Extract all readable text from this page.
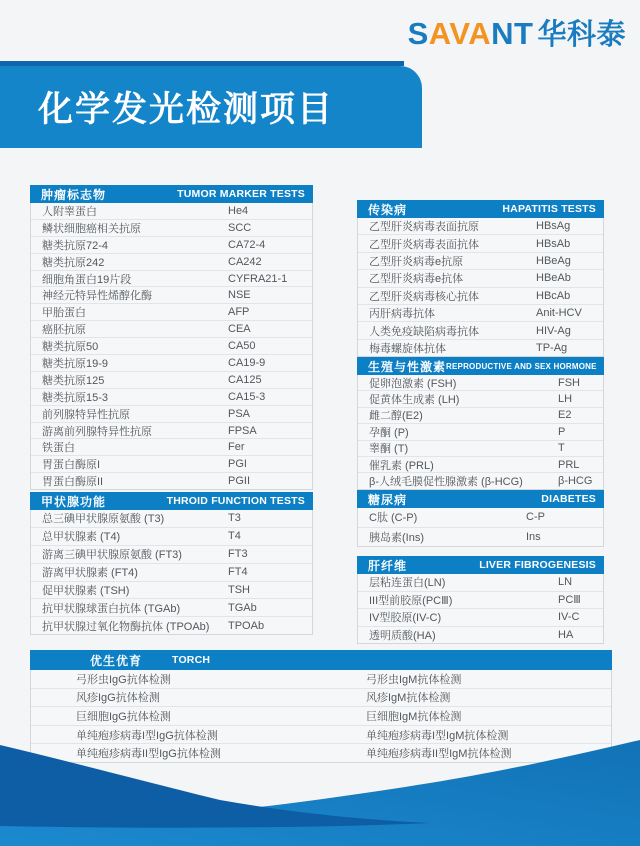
SAVANT 华科泰
化学发光检测项目
肿瘤标志物	TUMOR MARKER TESTS
人附睾蛋白	He4
鳞状细胞癌相关抗原	SCC
糖类抗原72-4	CA72-4
糖类抗原242	CA242
细胞角蛋白19片段	CYFRA21-1
神经元特异性烯醇化酶	NSE
甲胎蛋白	AFP
癌胚抗原	CEA
糖类抗原50	CA50
糖类抗原19-9	CA19-9
糖类抗原125	CA125
糖类抗原15-3	CA15-3
前列腺特异性抗原	PSA
游离前列腺特异性抗原	FPSA
铁蛋白	Fer
胃蛋白酶原I	PGI
胃蛋白酶原II	PGII
甲状腺功能	THROID FUNCTION TESTS
总三碘甲状腺原氨酸 (T3)	T3
总甲状腺素 (T4)	T4
游离三碘甲状腺原氨酸 (FT3)	FT3
游离甲状腺素 (FT4)	FT4
促甲状腺素 (TSH)	TSH
抗甲状腺球蛋白抗体 (TGAb)	TGAb
抗甲状腺过氧化物酶抗体 (TPOAb) TPOAb
传染病	HAPATITIS TESTS
乙型肝炎病毒表面抗原	HBsAg
乙型肝炎病毒表面抗体	HBsAb
乙型肝炎病毒e抗原	HBeAg
乙型肝炎病毒e抗体	HBeAb
乙型肝炎病毒核心抗体	HBcAb
丙肝病毒抗体	Anit-HCV
人类免疫缺陷病毒抗体	HIV-Ag
梅毒螺旋体抗体	TP-Ag
生殖与性激素 REPRODUCTIVE AND SEX HORMONE
促卵泡激素 (FSH)	FSH
促黄体生成素 (LH)	LH
雌二醇(E2)	E2
孕酮 (P)	P
睾酮 (T)	T
催乳素 (PRL)	PRL
β-人绒毛膜促性腺激素 (β-HCG)	β-HCG
糖尿病	DIABETES
C肽 (C-P)	C-P
胰岛素(Ins)	Ins
肝纤维	LIVER FIBROGENESIS
层粘连蛋白(LN)	LN
III型前胶原(PCⅢ)	PCⅢ
IV型胶原(IV-C)	IV-C
透明质酸(HA)	HA
优生优育	TORCH
弓形虫IgG抗体检测	弓形虫IgM抗体检测
风疹IgG抗体检测	风疹IgM抗体检测
巨细胞IgG抗体检测	巨细胞IgM抗体检测
单纯疱疹病毒I型IgG抗体检测	单纯疱疹病毒I型IgM抗体检测
单纯疱疹病毒II型IgG抗体检测	单纯疱疹病毒II型IgM抗体检测
